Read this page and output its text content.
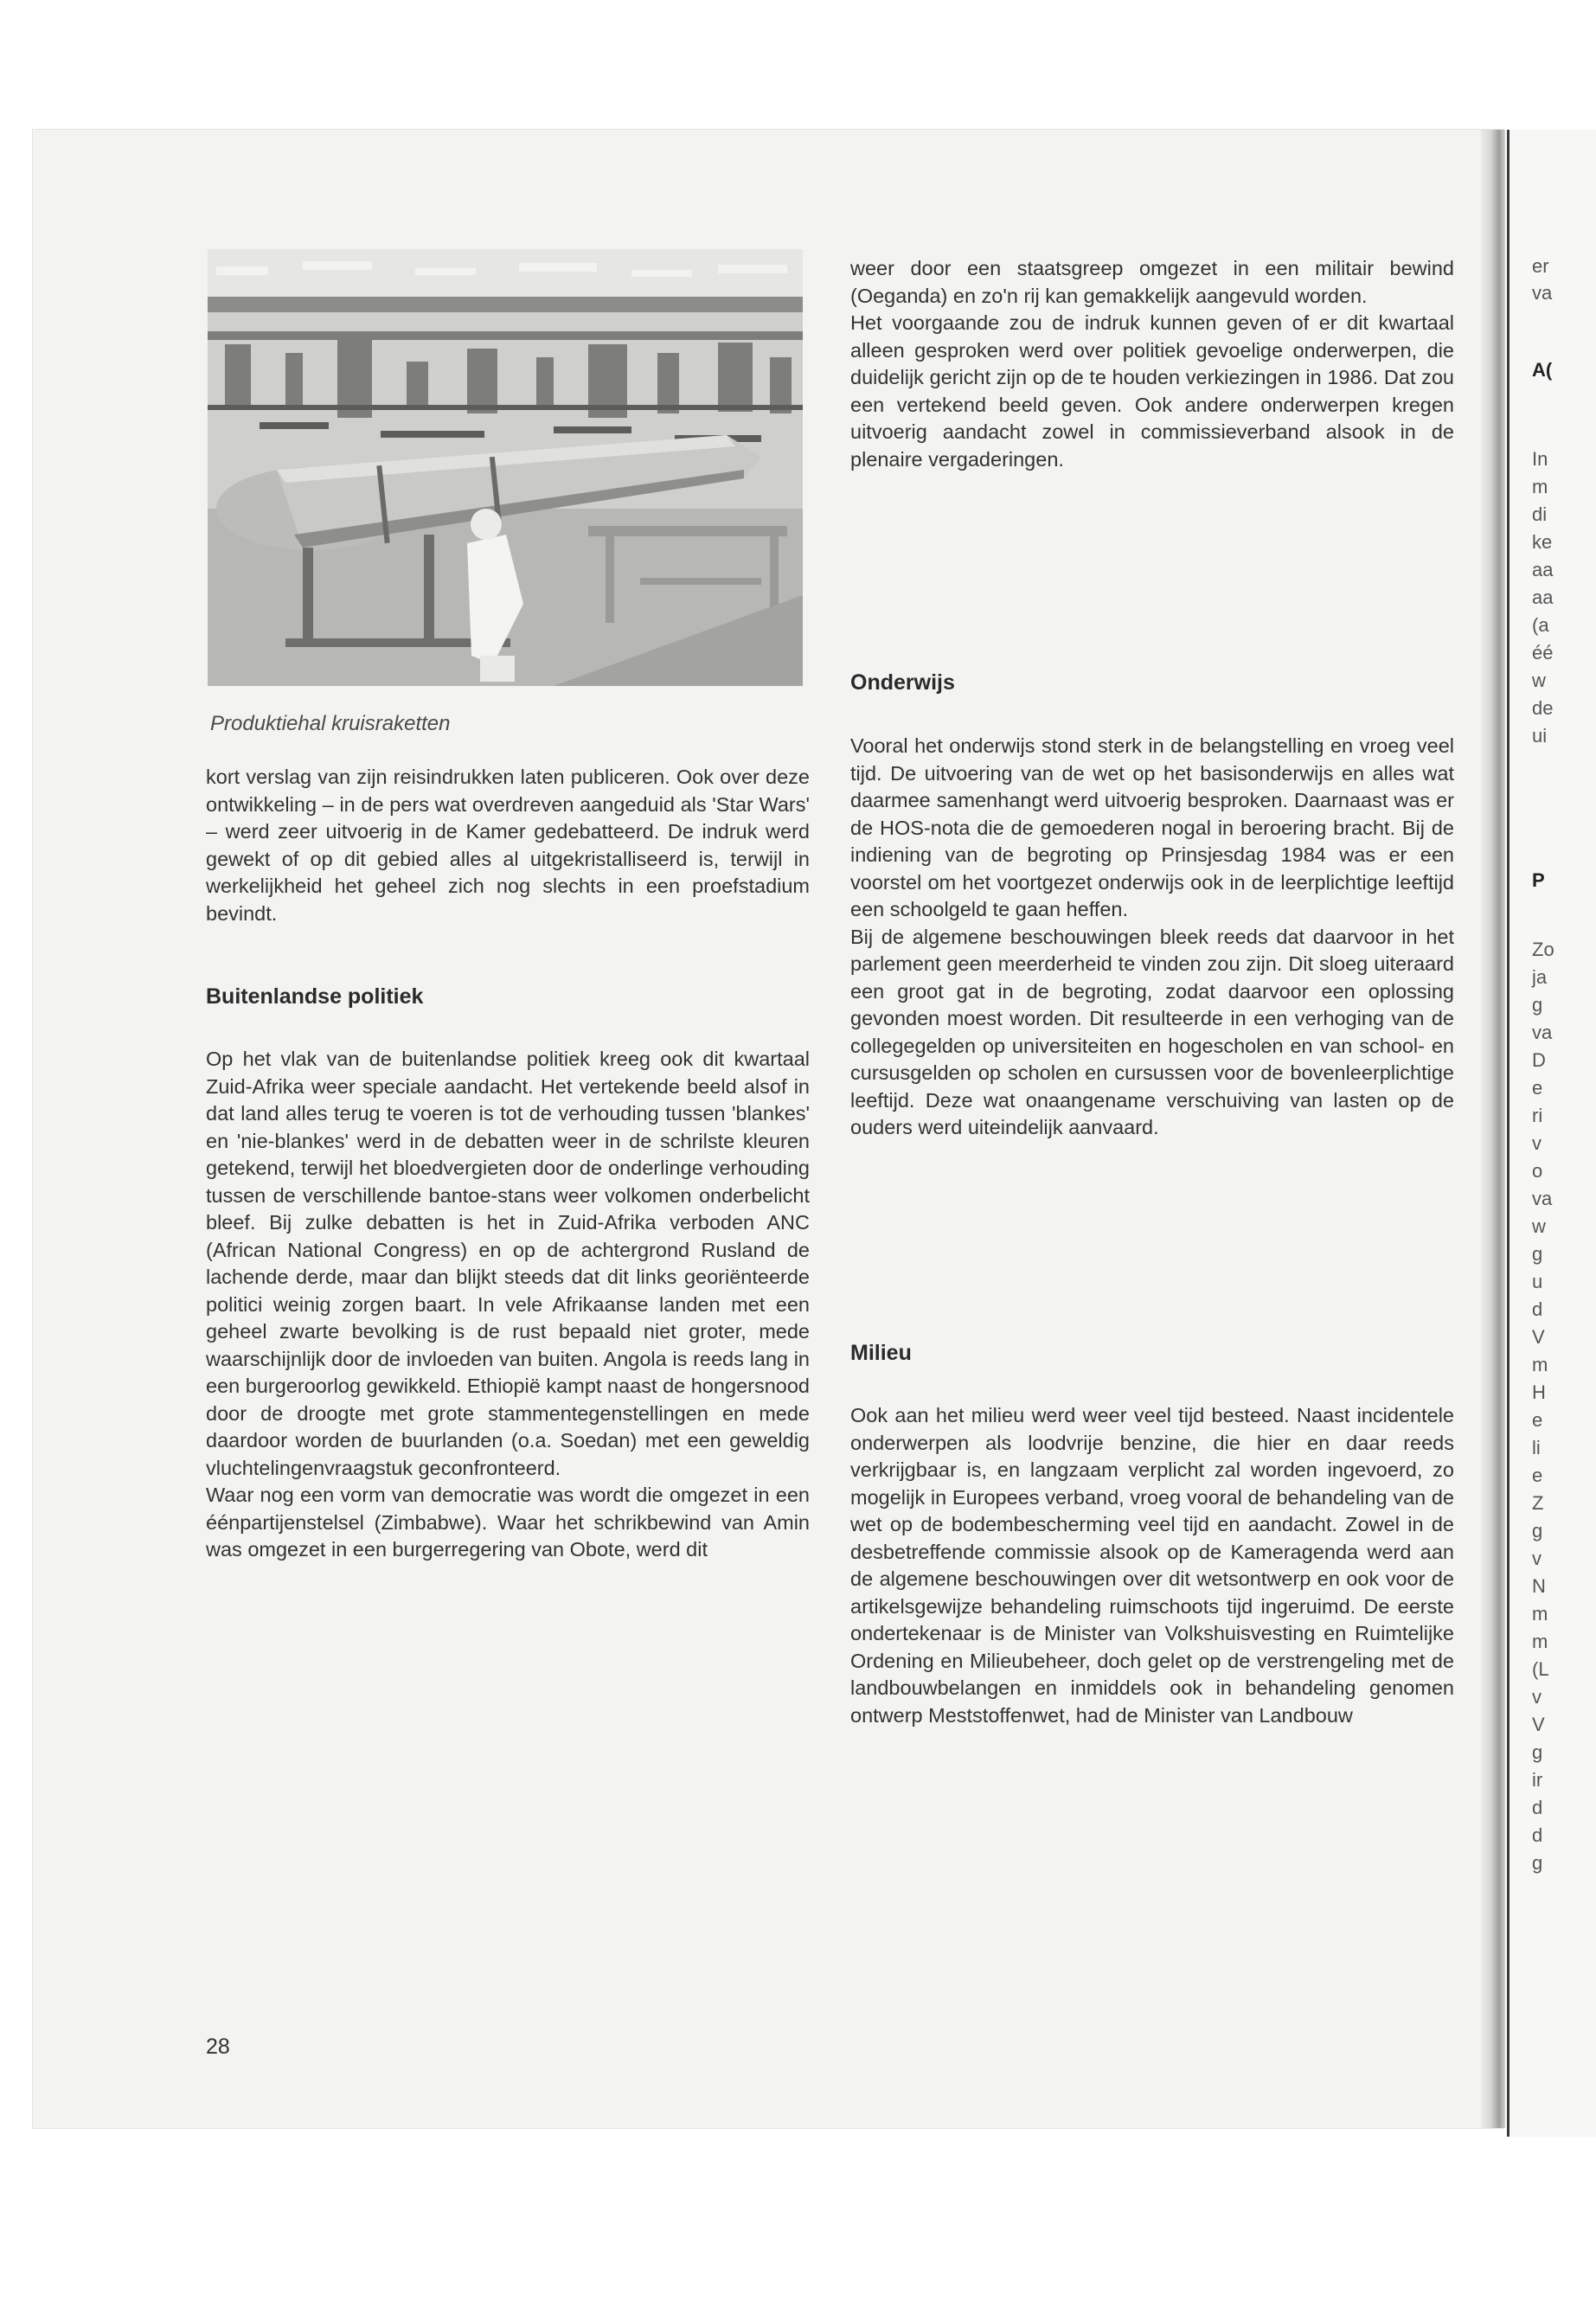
Produktiehal kruisraketten

kort verslag van zijn reisindrukken laten publiceren. Ook over deze ontwikkeling – in de pers wat overdreven aangeduid als 'Star Wars' – werd zeer uitvoerig in de Kamer gedebatteerd. De indruk werd gewekt of op dit gebied alles al uitgekristalliseerd is, terwijl in werkelijkheid het geheel zich nog slechts in een proefstadium bevindt.

Buitenlandse politiek

Op het vlak van de buitenlandse politiek kreeg ook dit kwartaal Zuid-Afrika weer speciale aandacht. Het vertekende beeld alsof in dat land alles terug te voeren is tot de verhouding tussen 'blankes' en 'nie-blankes' werd in de debatten weer in de schrilste kleuren getekend, terwijl het bloedvergieten door de onderlinge verhouding tussen de verschillende bantoe-stans weer volkomen onderbelicht bleef. Bij zulke debatten is het in Zuid-Afrika verboden ANC (African National Congress) en op de achtergrond Rusland de lachende derde, maar dan blijkt steeds dat dit links georiënteerde politici weinig zorgen baart. In vele Afrikaanse landen met een geheel zwarte bevolking is de rust bepaald niet groter, mede waarschijnlijk door de invloeden van buiten. Angola is reeds lang in een burgeroorlog gewikkeld. Ethiopië kampt naast de hongersnood door de droogte met grote stammentegenstellingen en mede daardoor worden de buurlanden (o.a. Soedan) met een geweldig vluchtelingenvraagstuk geconfronteerd.

Waar nog een vorm van democratie was wordt die omgezet in een éénpartijenstelsel (Zimbabwe). Waar het schrikbewind van Amin was omgezet in een burgerregering van Obote, werd dit

28

weer door een staatsgreep omgezet in een militair bewind (Oeganda) en zo'n rij kan gemakkelijk aangevuld worden.

Het voorgaande zou de indruk kunnen geven of er dit kwartaal alleen gesproken werd over politiek gevoelige onderwerpen, die duidelijk gericht zijn op de te houden verkiezingen in 1986. Dat zou een vertekend beeld geven. Ook andere onderwerpen kregen uitvoerig aandacht zowel in commissieverband alsook in de plenaire vergaderingen.

Onderwijs

Vooral het onderwijs stond sterk in de belangstelling en vroeg veel tijd. De uitvoering van de wet op het basisonderwijs en alles wat daarmee samenhangt werd uitvoerig besproken. Daarnaast was er de HOS-nota die de gemoederen nogal in beroering bracht. Bij de indiening van de begroting op Prinsjesdag 1984 was er een voorstel om het voortgezet onderwijs ook in de leerplichtige leeftijd een schoolgeld te gaan heffen.

Bij de algemene beschouwingen bleek reeds dat daarvoor in het parlement geen meerderheid te vinden zou zijn. Dit sloeg uiteraard een groot gat in de begroting, zodat daarvoor een oplossing gevonden moest worden. Dit resulteerde in een verhoging van de collegegelden op universiteiten en hogescholen en van school- en cursusgelden op scholen en cursussen voor de bovenleerplichtige leeftijd. Deze wat onaangename verschuiving van lasten op de ouders werd uiteindelijk aanvaard.

Milieu

Ook aan het milieu werd weer veel tijd besteed. Naast incidentele onderwerpen als loodvrije benzine, die hier en daar reeds verkrijgbaar is, en langzaam verplicht zal worden ingevoerd, zo mogelijk in Europees verband, vroeg vooral de behandeling van de wet op de bodembescherming veel tijd en aandacht. Zowel in de desbetreffende commissie alsook op de Kameragenda werd aan de algemene beschouwingen over dit wetsontwerp en ook voor de artikelsgewijze behandeling ruimschoots tijd ingeruimd. De eerste ondertekenaar is de Minister van Volkshuisvesting en Ruimtelijke Ordening en Milieubeheer, doch gelet op de verstrengeling met de landbouwbelangen en inmiddels ook in behandeling genomen ontwerp Meststoffenwet, had de Minister van Landbouw

er
va
A(
In
m
di
ke
aa
aa
(a
éé
w
de
ui
P
Zo
ja
g
va
D
e
ri
v
o
va
w
g
u
d
V
m
H
e
li
e
Z
g
v
N
m
m
(L
v
V
g
ir
d
d
g
